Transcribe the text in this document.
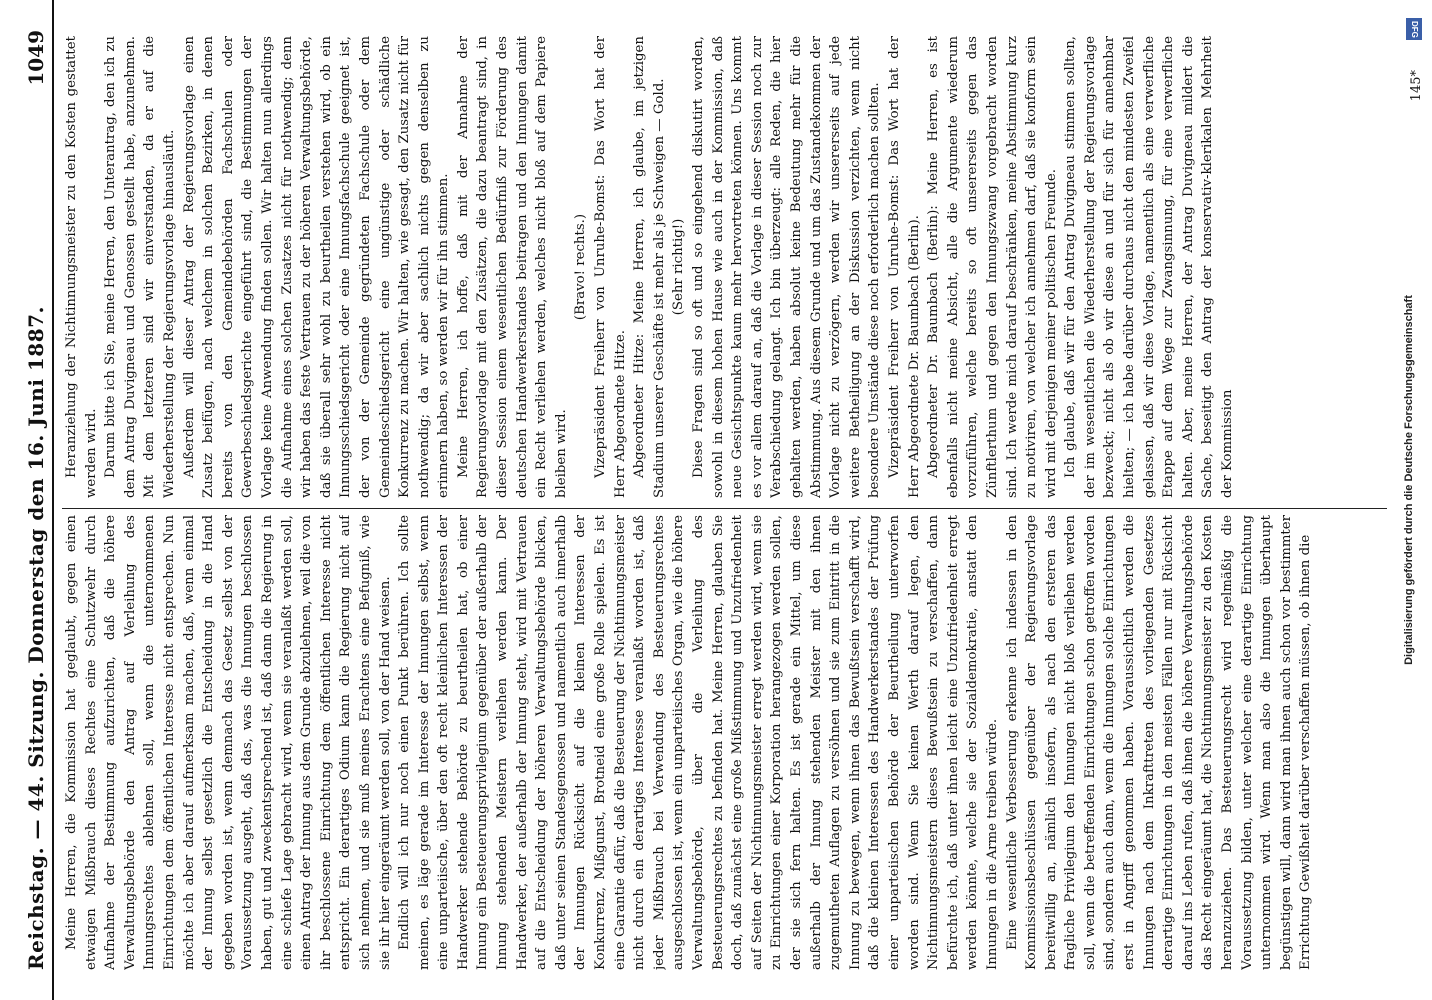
Reichstag. — 44. Sitzung. Donnerstag den 16. Juni 1887.
1049

Meine Herren, die Kommission hat geglaubt, gegen einen etwaigen Mißbrauch dieses Rechtes eine Schutzwehr durch Aufnahme der Bestimmung aufzurichten, daß die höhere Verwaltungsbehörde den Antrag auf Verleihung des Innungsrechtes ablehnen soll, wenn die unternommenen Einrichtungen dem öffentlichen Interesse nicht entsprechen. Nun möchte ich aber darauf aufmerksam machen, daß, wenn einmal der Innung selbst gesetzlich die Entscheidung in die Hand gegeben worden ist, wenn demnach das Gesetz selbst von der Voraussetzung ausgeht, daß das, was die Innungen beschlossen haben, gut und zweckentsprechend ist, daß dann die Regierung in eine schiefe Lage gebracht wird, wenn sie veranlaßt werden soll, einen Antrag der Innung aus dem Grunde abzulehnen, weil die von ihr beschlossene Einrichtung dem öffentlichen Interesse nicht entspricht. Ein derartiges Odium kann die Regierung nicht auf sich nehmen, und sie muß meines Erachtens eine Befugniß, wie sie ihr hier eingeräumt werden soll, von der Hand weisen. Endlich will ich nur noch einen Punkt berühren. Ich sollte meinen, es läge gerade im Interesse der Innungen selbst, wenn eine unparteiische, über den oft recht kleinlichen Interessen der Handwerker stehende Behörde zu beurtheilen hat, ob einer Innung ein Besteuerungsprivilegium gegenüber der außerhalb der Innung stehenden Meistern verliehen werden kann. Der Handwerker, der außerhalb der Innung steht, wird mit Vertrauen auf die Entscheidung der höheren Verwaltungsbehörde blicken, daß unter seinen Standesgenossen und namentlich auch innerhalb der Innungen Rücksicht auf die kleinen Interessen der Konkurrenz, Mißgunst, Brotneid eine große Rolle spielen. Es ist eine Garantie dafür, daß die Besteuerung der Nichtinnungsmeister nicht durch ein derartiges Interesse veranlaßt worden ist, daß jeder Mißbrauch bei Verwendung des Besteuerungsrechtes ausgeschlossen ist, wenn ein unparteiisches Organ, wie die höhere Verwaltungsbehörde, über die Verleihung des Besteuerungsrechtes zu befinden hat. Meine Herren, glauben Sie doch, daß zunächst eine große Mißstimmung und Unzufriedenheit auf Seiten der Nichtinnungsmeister erregt werden wird, wenn sie zu Einrichtungen einer Korporation herangezogen werden sollen, der sie sich fern halten. Es ist gerade ein Mittel, um diese außerhalb der Innung stehenden Meister mit den ihnen zugemutheten Auflagen zu versöhnen und sie zum Eintritt in die Innung zu bewegen, wenn ihnen das Bewußtsein verschafft wird, daß die kleinen Interessen des Handwerkerstandes der Prüfung einer unparteiischen Behörde der Beurtheilung unterworfen worden sind. Wenn Sie keinen Werth darauf legen, den Nichtinnungsmeistern dieses Bewußtsein zu verschaffen, dann befürchte ich, daß unter ihnen leicht eine Unzufriedenheit erregt werden könnte, welche sie der Sozialdemokratie, anstatt den Innungen in die Arme treiben würde. Eine wesentliche Verbesserung erkenne ich indessen in den Kommissionsbeschlüssen gegenüber der Regierungsvorlage bereitwillig an, nämlich insofern, als nach den ersteren das fragliche Privilegium den Innungen nicht bloß verliehen werden soll, wenn die betreffenden Einrichtungen schon getroffen worden sind, sondern auch dann, wenn die Innungen solche Einrichtungen erst in Angriff genommen haben. Voraussichtlich werden die Innungen nach dem Inkrafttreten des vorliegenden Gesetzes derartige Einrichtungen in den meisten Fällen nur mit Rücksicht darauf ins Leben rufen, daß ihnen die höhere Verwaltungsbehörde das Recht eingeräumt hat, die Nichtinnungsmeister zu den Kosten heranzuziehen. Das Besteuerungsrecht wird regelmäßig die Voraussetzung bilden, unter welcher eine derartige Einrichtung unternommen wird. Wenn man also die Innungen überhaupt begünstigen will, dann wird man ihnen auch schon vor bestimmter Errichtung Gewißheit darüber verschaffen müssen, ob ihnen die

Heranziehung der Nichtinnungsmeister zu den Kosten gestattet werden wird. Darum bitte ich Sie, meine Herren, den Unterantrag, den ich zu dem Antrag Duvigneau und Genossen gestellt habe, anzunehmen. Mit dem letzteren sind wir einverstanden, da er auf die Wiederherstellung der Regierungsvorlage hinausläuft. Außerdem will dieser Antrag der Regierungsvorlage einen Zusatz beifügen, nach welchem in solchen Bezirken, in denen bereits von den Gemeindebehörden Fachschulen oder Gewerbeschiedsgerichte eingeführt sind, die Bestimmungen der Vorlage keine Anwendung finden sollen. Wir halten nun allerdings die Aufnahme eines solchen Zusatzes nicht für nothwendig; denn wir haben das feste Vertrauen zu der höheren Verwaltungsbehörde, daß sie überall sehr wohl zu beurtheilen verstehen wird, ob ein Innungsschiedsgericht oder eine Innungsfachschule geeignet ist, der von der Gemeinde gegründeten Fachschule oder dem Gemeindeschiedsgericht eine ungünstige oder schädliche Konkurrenz zu machen. Wir halten, wie gesagt, den Zusatz nicht für nothwendig; da wir aber sachlich nichts gegen denselben zu erinnern haben, so werden wir für ihn stimmen. Meine Herren, ich hoffe, daß mit der Annahme der Regierungsvorlage mit den Zusätzen, die dazu beantragt sind, in dieser Session einem wesentlichen Bedürfniß zur Förderung des deutschen Handwerkerstandes beitragen und den Innungen damit ein Recht verliehen werden, welches nicht bloß auf dem Papiere bleiben wird.

(Bravo! rechts.) Vizepräsident Freiherr von Unruhe-Bomst: Das Wort hat der Herr Abgeordnete Hitze. Abgeordneter Hitze: Meine Herren, ich glaube, im jetzigen Stadium unserer Geschäfte ist mehr als je Schweigen — Gold. (Sehr richtig!) Diese Fragen sind so oft und so eingehend diskutirt worden, sowohl in diesem hohen Hause wie auch in der Kommission, daß neue Gesichtspunkte kaum mehr hervortreten können. Uns kommt es vor allem darauf an, daß die Vorlage in dieser Session noch zur Verabschiedung gelangt. Ich bin überzeugt: alle Reden, die hier gehalten werden, haben absolut keine Bedeutung mehr für die Abstimmung. Aus diesem Grunde und um das Zustandekommen der Vorlage nicht zu verzögern, werden wir unsererseits auf jede weitere Betheiligung an der Diskussion verzichten, wenn nicht besondere Umstände diese noch erforderlich machen sollten. Vizepräsident Freiherr von Unruhe-Bomst: Das Wort hat der Herr Abgeordnete Dr. Baumbach (Berlin). Abgeordneter Dr. Baumbach (Berlin): Meine Herren, es ist ebenfalls nicht meine Absicht, alle die Argumente wiederum vorzuführen, welche bereits so oft unsererseits gegen das Zünftlerthum und gegen den Innungszwang vorgebracht worden sind. Ich werde mich darauf beschränken, meine Abstimmung kurz zu motiviren, von welcher ich annehmen darf, daß sie konform sein wird mit derjenigen meiner politischen Freunde. Ich glaube, daß wir für den Antrag Duvigneau stimmen sollten, der im wesentlichen die Wiederherstellung der Regierungsvorlage bezweckt; nicht als ob wir diese an und für sich für annehmbar hielten; — ich habe darüber durchaus nicht den mindesten Zweifel gelassen, daß wir diese Vorlage, namentlich als eine verwerfliche Etappe auf dem Wege zur Zwangsinnung, für eine verwerfliche halten. Aber, meine Herren, der Antrag Duvigneau mildert die Sache, beseitigt den Antrag der konservativ-klerikalen Mehrheit der Kommission

145*
Digitalisierung gefördert durch die Deutsche Forschungsgemeinschaft
DFG
